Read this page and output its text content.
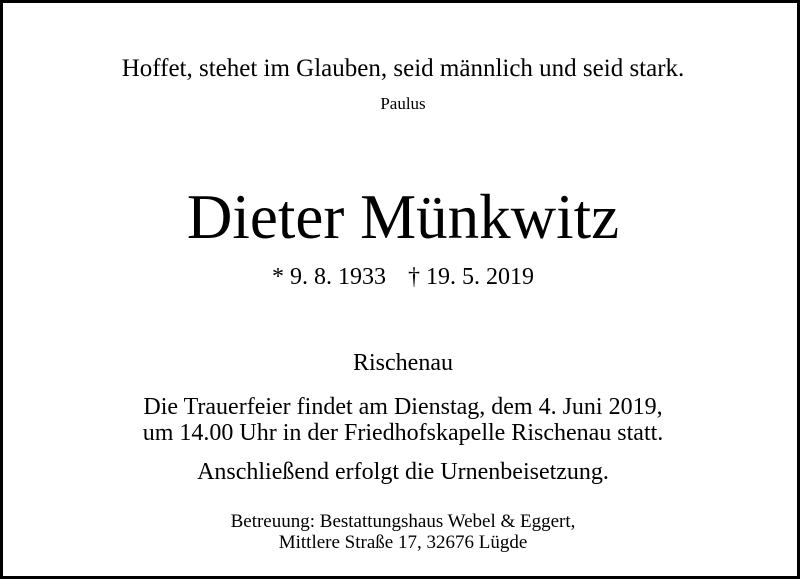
Hoffet, stehet im Glauben, seid männlich und seid stark.
Paulus
Dieter Münkwitz
* 9. 8. 1933 † 19. 5. 2019
Rischenau
Die Trauerfeier findet am Dienstag, dem 4. Juni 2019,
um 14.00 Uhr in der Friedhofskapelle Rischenau statt.
Anschließend erfolgt die Urnenbeisetzung.
Betreuung: Bestattungshaus Webel & Eggert,
Mittlere Straße 17, 32676 Lügde
